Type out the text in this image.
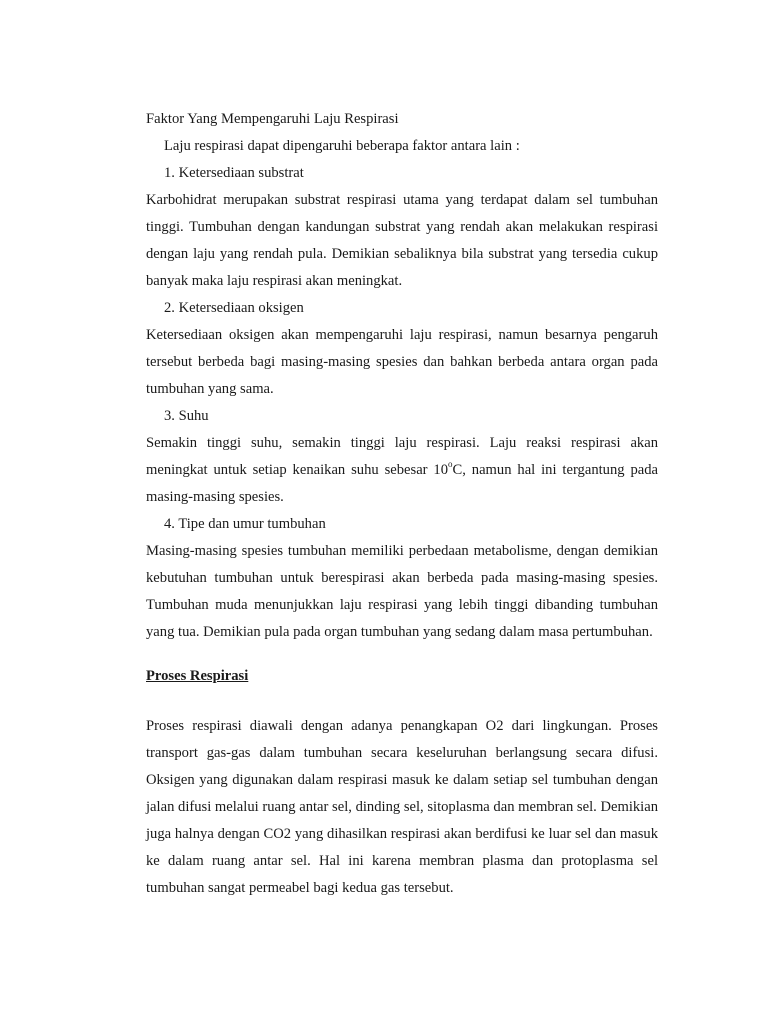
Faktor Yang Mempengaruhi Laju Respirasi
Laju respirasi dapat dipengaruhi beberapa faktor antara lain :
1. Ketersediaan substrat

Karbohidrat merupakan substrat respirasi utama yang terdapat dalam sel tumbuhan tinggi. Tumbuhan dengan kandungan substrat yang rendah akan melakukan respirasi dengan laju yang rendah pula. Demikian sebaliknya bila substrat yang tersedia cukup banyak maka laju respirasi akan meningkat.

2. Ketersediaan oksigen

Ketersediaan oksigen akan mempengaruhi laju respirasi, namun besarnya pengaruh tersebut berbeda bagi masing-masing spesies dan bahkan berbeda antara organ pada tumbuhan yang sama.

3. Suhu

Semakin tinggi suhu, semakin tinggi laju respirasi. Laju reaksi respirasi akan meningkat untuk setiap kenaikan suhu sebesar 10$^o$C, namun hal ini tergantung pada masing-masing spesies.

4. Tipe dan umur tumbuhan

Masing-masing spesies tumbuhan memiliki perbedaan metabolisme, dengan demikian kebutuhan tumbuhan untuk berespirasi akan berbeda pada masing-masing spesies. Tumbuhan muda menunjukkan laju respirasi yang lebih tinggi dibanding tumbuhan yang tua. Demikian pula pada organ tumbuhan yang sedang dalam masa pertumbuhan.

Proses Respirasi

Proses respirasi diawali dengan adanya penangkapan O2 dari lingkungan. Proses transport gas-gas dalam tumbuhan secara keseluruhan berlangsung secara difusi. Oksigen yang digunakan dalam respirasi masuk ke dalam setiap sel tumbuhan dengan jalan difusi melalui ruang antar sel, dinding sel, sitoplasma dan membran sel. Demikian juga halnya dengan CO2 yang dihasilkan respirasi akan berdifusi ke luar sel dan masuk ke dalam ruang antar sel. Hal ini karena membran plasma dan protoplasma sel tumbuhan sangat permeabel bagi kedua gas tersebut.
